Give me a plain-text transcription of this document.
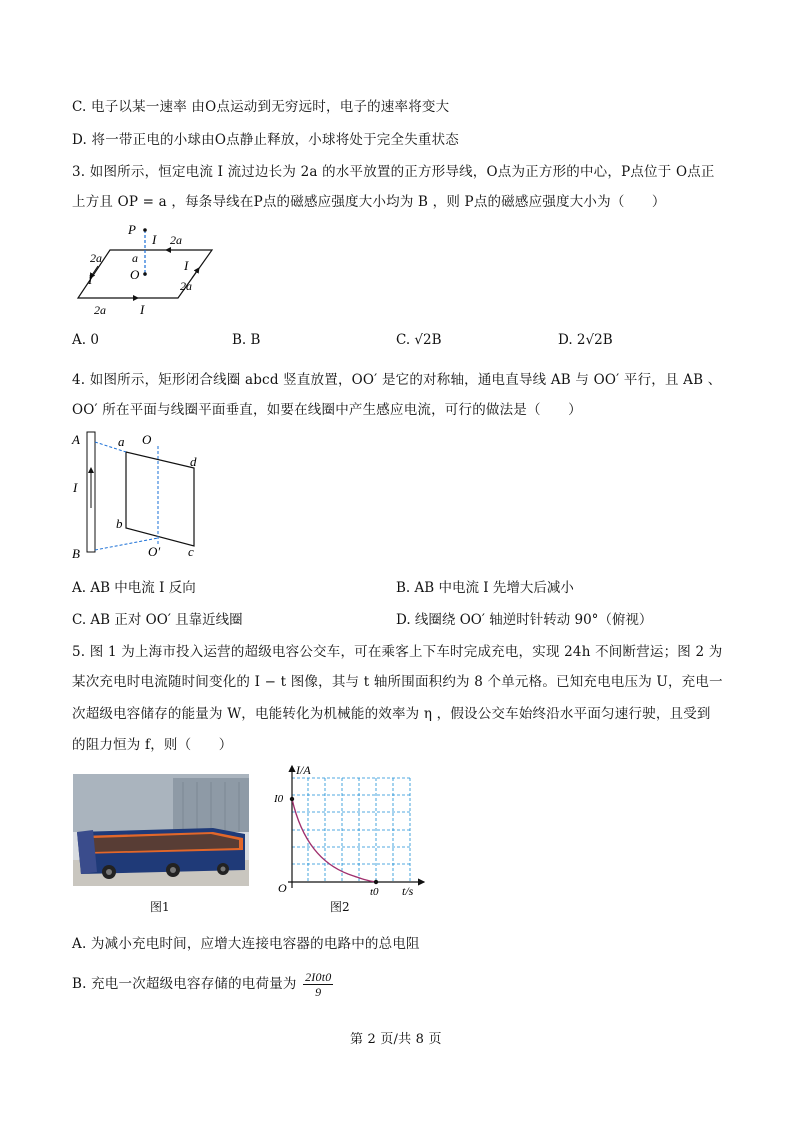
C. 电子以某一速率 由O点运动到无穷远时，电子的速率将变大
D. 将一带正电的小球由O点静止释放，小球将处于完全失重状态
3. 如图所示，恒定电流 I 流过边长为 2a 的水平放置的正方形导线，O点为正方形的中心，P点位于 O点正
上方且 OP = a ，每条导线在P点的磁感应强度大小均为 B ，则 P点的磁感应强度大小为（　　）
P
I 2a
a
O
2a
I
I
2a
2a	I
A. 0	B. B	C. √2B	D. 2√2B
4. 如图所示，矩形闭合线圈 abcd 竖直放置，OO′ 是它的对称轴，通电直导线 AB 与 OO′ 平行，且 AB 、
OO′ 所在平面与线圈平面垂直，如要在线圈中产生感应电流，可行的做法是（　　）
A
I
B
a O
d
b
O′ c
A. AB 中电流 I 反向	B. AB 中电流 I 先增大后减小
C. AB 正对 OO′ 且靠近线圈	D. 线圈绕 OO′ 轴逆时针转动 90°（俯视）
5. 图 1 为上海市投入运营的超级电容公交车，可在乘客上下车时完成充电，实现 24h 不间断营运；图 2 为
某次充电时电流随时间变化的 I − t 图像，其与 t 轴所围面积约为 8 个单元格。已知充电电压为 U，充电一
次超级电容储存的能量为 W，电能转化为机械能的效率为 η ，假设公交车始终沿水平面匀速行驶，且受到
的阻力恒为 f，则（　　）
图1
I/A
I0
O	t0 t/s
图2
A. 为减小充电时间，应增大连接电容器的电路中的总电阻
B. 充电一次超级电容存储的电荷量为 $\frac{2I0t0}{9}$
第 2 页/共 8 页
